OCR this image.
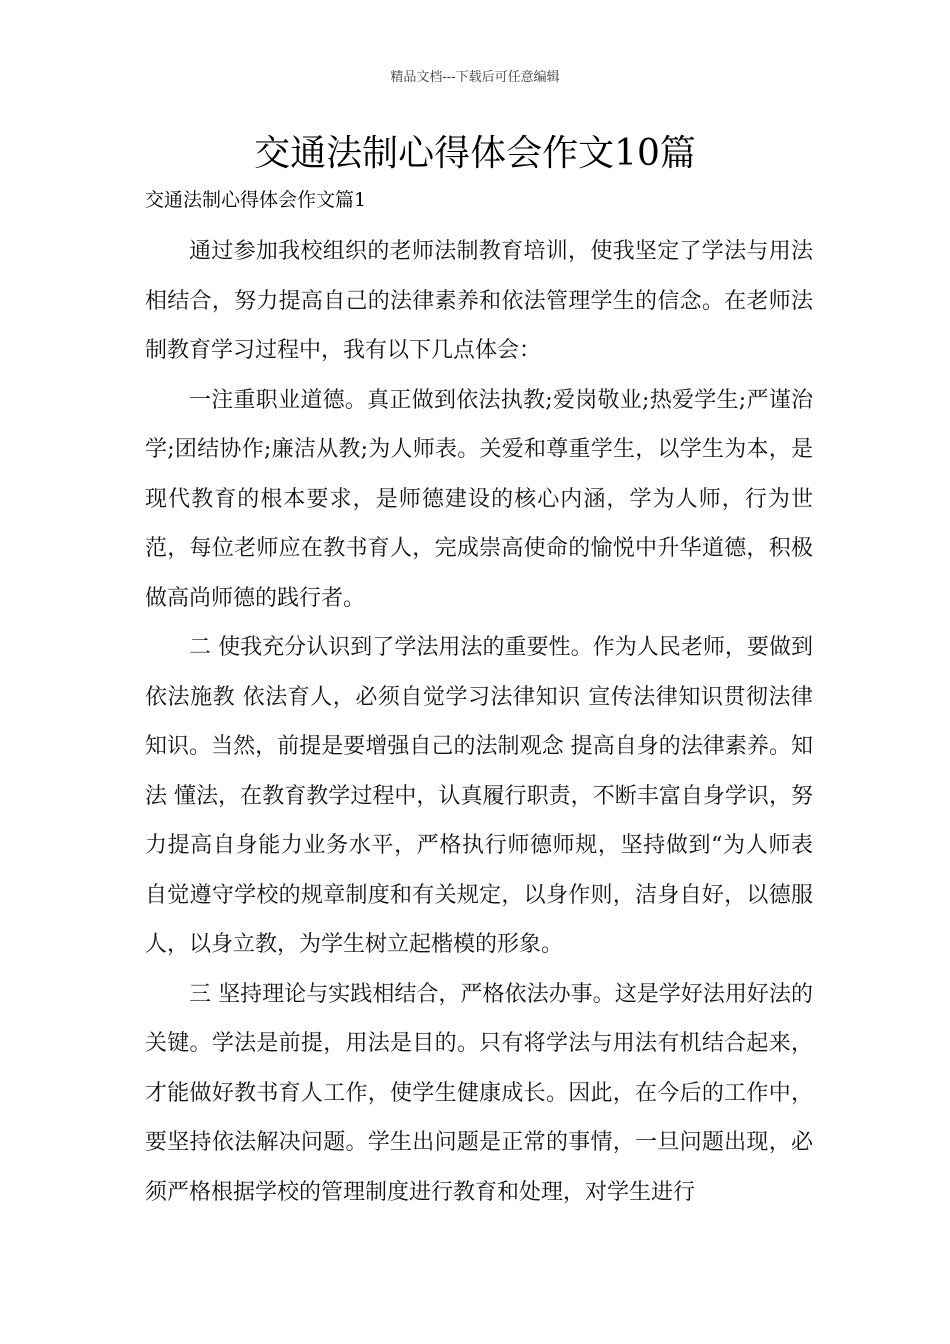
精品文档---下载后可任意编辑
交通法制心得体会作文10篇
交通法制心得体会作文篇1

通过参加我校组织的老师法制教育培训，使我坚定了学法与用法相结合，努力提高自己的法律素养和依法管理学生的信念。在老师法制教育学习过程中，我有以下几点体会：

一注重职业道德。真正做到依法执教;爱岗敬业;热爱学生;严谨治学;团结协作;廉洁从教;为人师表。关爱和尊重学生，以学生为本，是现代教育的根本要求，是师德建设的核心内涵，学为人师，行为世范，每位老师应在教书育人，完成崇高使命的愉悦中升华道德，积极做高尚师德的践行者。

二 使我充分认识到了学法用法的重要性。作为人民老师，要做到依法施教 依法育人，必须自觉学习法律知识 宣传法律知识贯彻法律知识。当然，前提是要增强自己的法制观念 提高自身的法律素养。知法 懂法，在教育教学过程中，认真履行职责，不断丰富自身学识，努力提高自身能力业务水平，严格执行师德师规，坚持做到“为人师表自觉遵守学校的规章制度和有关规定，以身作则，洁身自好，以德服人，以身立教，为学生树立起楷模的形象。

三 坚持理论与实践相结合，严格依法办事。这是学好法用好法的关键。学法是前提，用法是目的。只有将学法与用法有机结合起来，才能做好教书育人工作，使学生健康成长。因此，在今后的工作中，要坚持依法解决问题。学生出问题是正常的事情，一旦问题出现，必须严格根据学校的管理制度进行教育和处理，对学生进行
